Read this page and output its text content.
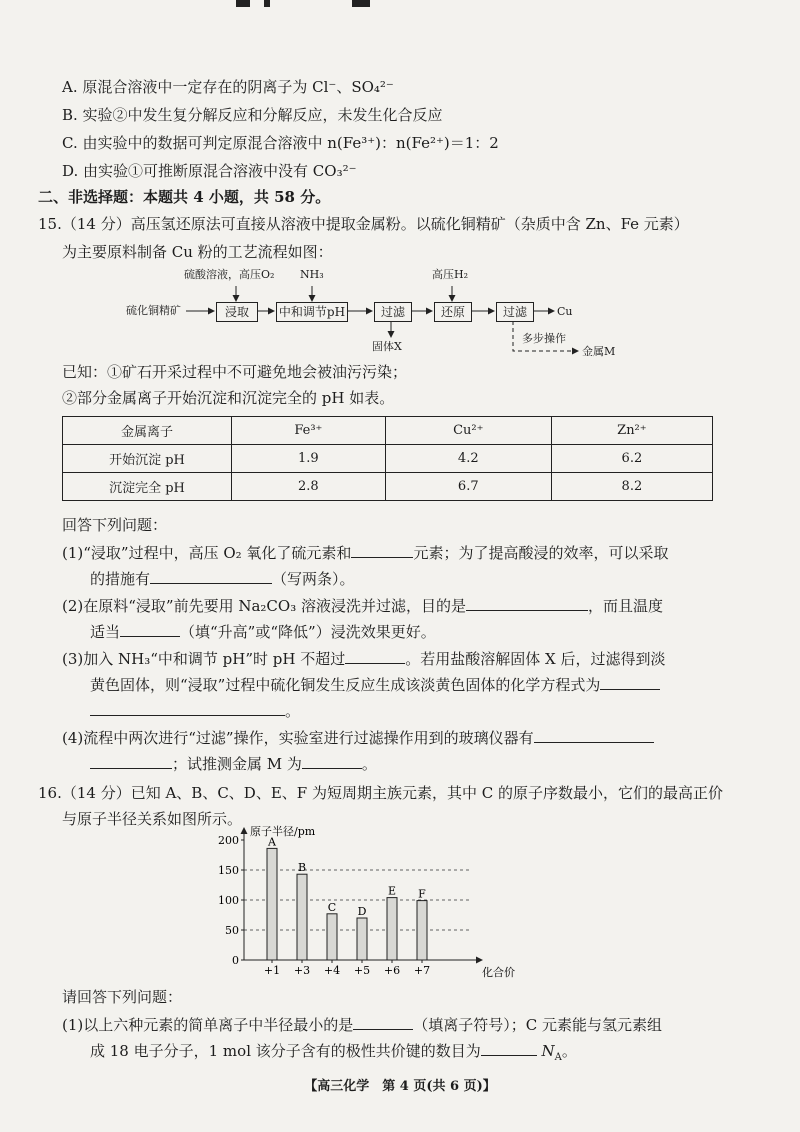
A. 原混合溶液中一定存在的阴离子为 Cl⁻、SO₄²⁻
B. 实验②中发生复分解反应和分解反应，未发生化合反应
C. 由实验中的数据可判定原混合溶液中 n(Fe³⁺)：n(Fe²⁺)＝1：2
D. 由实验①可推断原混合溶液中没有 CO₃²⁻
二、非选择题：本题共 4 小题，共 58 分。
15.（14 分）高压氢还原法可直接从溶液中提取金属粉。以硫化铜精矿（杂质中含 Zn、Fe 元素）
为主要原料制备 Cu 粉的工艺流程如图：
硫化铜精矿
硫酸溶液，高压O₂ NH₃	高压H₂
浸取	中和调节pH	过滤	还原	过滤	Cu
固体X
多步操作
金属M
已知：①矿石开采过程中不可避免地会被油污污染；
②部分金属离子开始沉淀和沉淀完全的 pH 如表。
金属离子	Fe³⁺	Cu²⁺	Zn²⁺
开始沉淀 pH	1.9	4.2	6.2
沉淀完全 pH	2.8	6.7	8.2
回答下列问题：
(1)“浸取”过程中，高压 O₂ 氧化了硫元素和	元素；为了提高酸浸的效率，可以采取
的措施有	（写两条）。
(2)在原料“浸取”前先要用 Na₂CO₃ 溶液浸洗并过滤，目的是	，而且温度
适当	（填“升高”或“降低”）浸洗效果更好。
(3)加入 NH₃“中和调节 pH”时 pH 不超过	。若用盐酸溶解固体 X 后，过滤得到淡
黄色固体，则“浸取”过程中硫化铜发生反应生成该淡黄色固体的化学方程式为
。
(4)流程中两次进行“过滤”操作，实验室进行过滤操作用到的玻璃仪器有
；试推测金属 M 为	。
16.（14 分）已知 A、B、C、D、E、F 为短周期主族元素，其中 C 的原子序数最小，它们的最高正价
与原子半径关系如图所示。
原子半径/pm
化合价
0
50
100
150
200	A
+1
B
+3
C
+4
D
+5
E
+6
F
+7
请回答下列问题：
(1)以上六种元素的简单离子中半径最小的是	（填离子符号）；C 元素能与氢元素组
成 18 电子分子，1 mol 该分子含有的极性共价键的数目为	$N_A$。
【高三化学　第 4 页(共 6 页)】
